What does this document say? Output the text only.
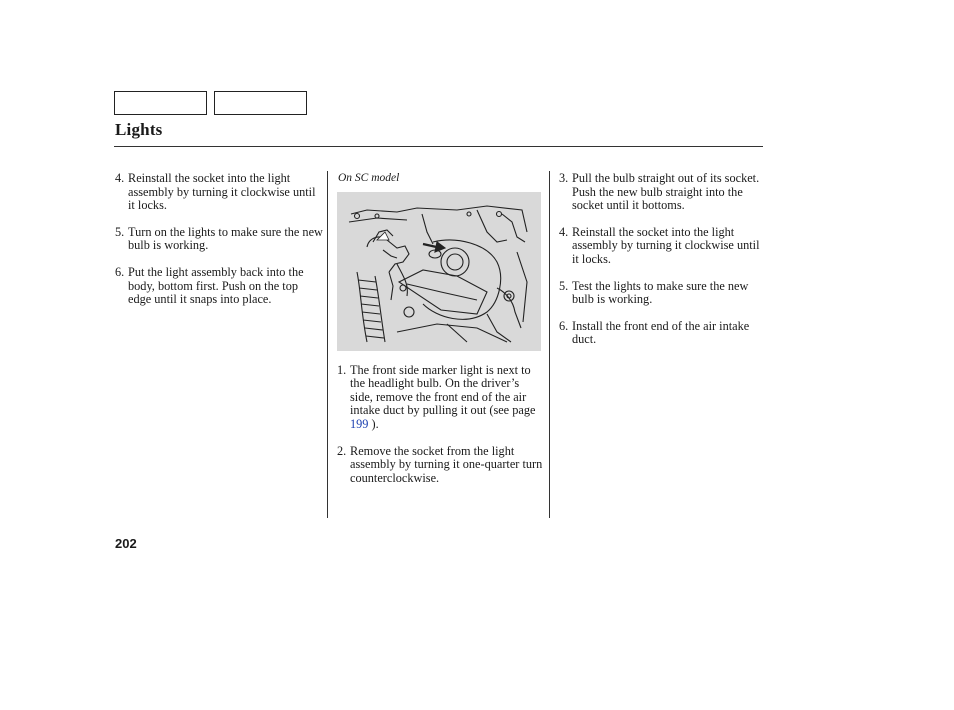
Lights
4. Reinstall the socket into the light assembly by turning it clockwise until it locks.
5. Turn on the lights to make sure the new bulb is working.
6. Put the light assembly back into the body, bottom first. Push on the top edge until it snaps into place.
On SC model
1. The front side marker light is next to the headlight bulb. On the driver’s side, remove the front end of the air intake duct by pulling it out (see page 199 ).
2. Remove the socket from the light assembly by turning it one-quarter turn counterclockwise.
3. Pull the bulb straight out of its socket. Push the new bulb straight into the socket until it bottoms.
4. Reinstall the socket into the light assembly by turning it clockwise until it locks.
5. Test the lights to make sure the new bulb is working.
6. Install the front end of the air intake duct.
202
